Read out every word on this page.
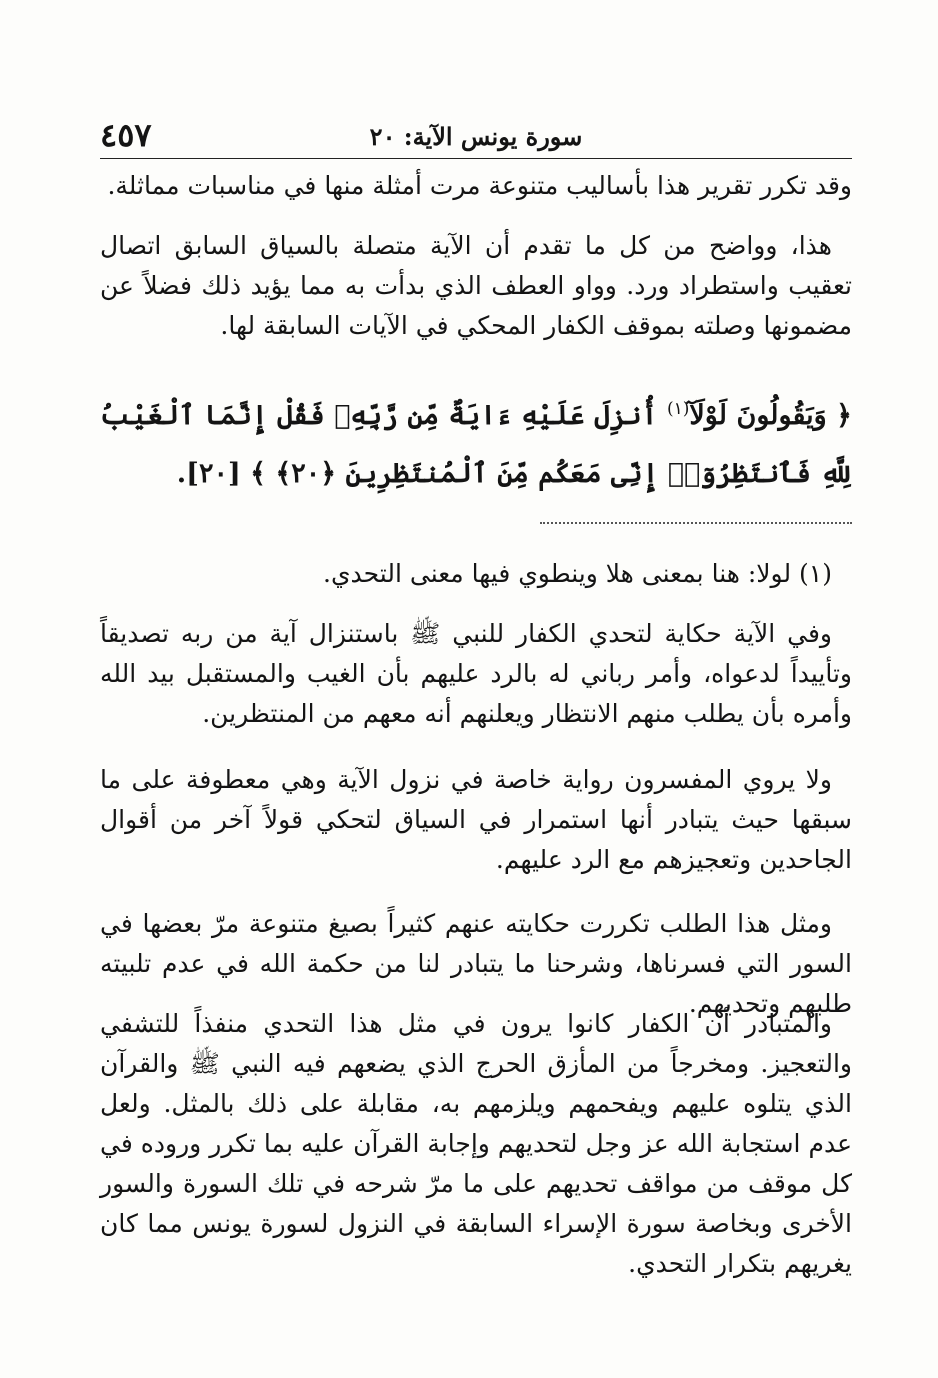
سورة يونس الآية: ٢٠
٤٥٧

وقد تكرر تقرير هذا بأساليب متنوعة مرت أمثلة منها في مناسبات مماثلة.

هذا، وواضح من كل ما تقدم أن الآية متصلة بالسياق السابق اتصال تعقيب واستطراد ورد. وواو العطف الذي بدأت به مما يؤيد ذلك فضلاً عن مضمونها وصلته بموقف الكفار المحكي في الآيات السابقة لها.

﴿ وَيَقُولُونَ لَوْلَآ$^{(١)}$ أُنزِلَ عَلَيْهِ ءَايَةٌ مِّن رَّبِّهِۦ فَقُلْ إِنَّمَا ٱلْغَيْبُ لِلَّهِ فَٱنتَظِرُوٓا۟ إِنِّى مَعَكُم مِّنَ ٱلْمُنتَظِرِينَ ﴿٢٠﴾ ﴾ [٢٠].

(١) لولا: هنا بمعنى هلا وينطوي فيها معنى التحدي.

وفي الآية حكاية لتحدي الكفار للنبي ﷺ باستنزال آية من ربه تصديقاً وتأييداً لدعواه، وأمر رباني له بالرد عليهم بأن الغيب والمستقبل بيد الله وأمره بأن يطلب منهم الانتظار ويعلنهم أنه معهم من المنتظرين.

ولا يروي المفسرون رواية خاصة في نزول الآية وهي معطوفة على ما سبقها حيث يتبادر أنها استمرار في السياق لتحكي قولاً آخر من أقوال الجاحدين وتعجيزهم مع الرد عليهم.

ومثل هذا الطلب تكررت حكايته عنهم كثيراً بصيغ متنوعة مرّ بعضها في السور التي فسرناها، وشرحنا ما يتبادر لنا من حكمة الله في عدم تلبيته طلبهم وتحديهم.

والمتبادر أن الكفار كانوا يرون في مثل هذا التحدي منفذاً للتشفي والتعجيز. ومخرجاً من المأزق الحرج الذي يضعهم فيه النبي ﷺ والقرآن الذي يتلوه عليهم ويفحمهم ويلزمهم به، مقابلة على ذلك بالمثل. ولعل عدم استجابة الله عز وجل لتحديهم وإجابة القرآن عليه بما تكرر وروده في كل موقف من مواقف تحديهم على ما مرّ شرحه في تلك السورة والسور الأخرى وبخاصة سورة الإسراء السابقة في النزول لسورة يونس مما كان يغريهم بتكرار التحدي.
